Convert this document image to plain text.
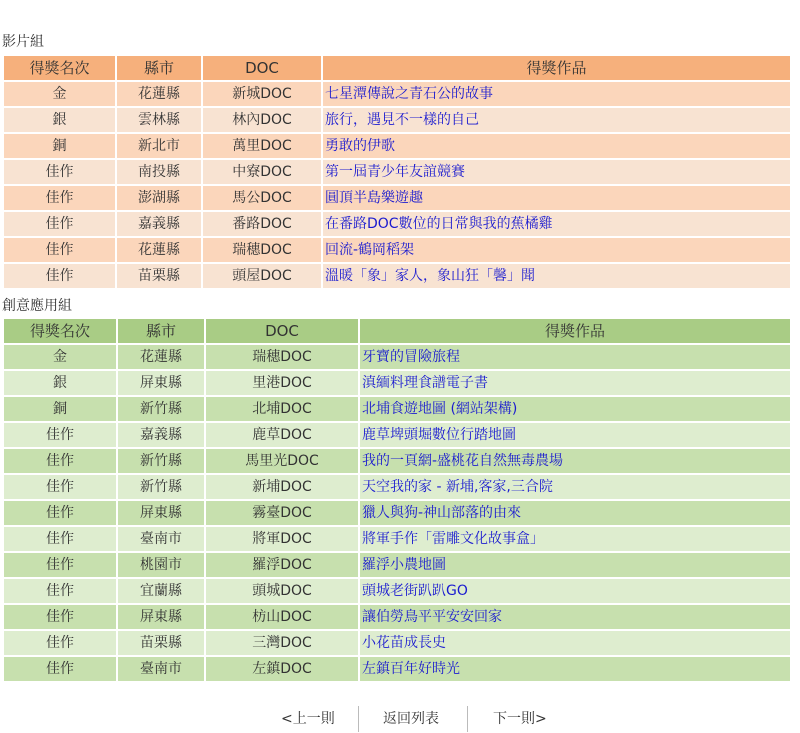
影片組
得獎名次	縣市	DOC	得獎作品
金	花蓮縣	新城DOC	七星潭傳說之青石公的故事
銀	雲林縣	林內DOC	旅行，遇見不一樣的自己
銅	新北市	萬里DOC	勇敢的伊歌
佳作	南投縣	中寮DOC	第一屆青少年友誼競賽
佳作	澎湖縣	馬公DOC	圓頂半島樂遊趣
佳作	嘉義縣	番路DOC	在番路DOC數位的日常與我的蕉橘雞
佳作	花蓮縣	瑞穗DOC	回流-鶴岡稻架
佳作	苗栗縣	頭屋DOC	溫暖「象」家人，象山狂「馨」聞
創意應用組
得獎名次	縣市	DOC	得獎作品
金	花蓮縣	瑞穗DOC	牙寶的冒險旅程
銀	屏東縣	里港DOC	滇緬料理食譜電子書
銅	新竹縣	北埔DOC	北埔食遊地圖 (網站架構)
佳作	嘉義縣	鹿草DOC	鹿草埤頭堀數位行踏地圖
佳作	新竹縣	馬里光DOC	我的一頁網-盛桃花自然無毒農場
佳作	新竹縣	新埔DOC	天空我的家 - 新埔,客家,三合院
佳作	屏東縣	霧臺DOC	獵人與狗-神山部落的由來
佳作	臺南市	將軍DOC	將軍手作「雷雕文化故事盒」
佳作	桃園市	羅浮DOC	羅浮小農地圖
佳作	宜蘭縣	頭城DOC	頭城老街趴趴GO
佳作	屏東縣	枋山DOC	讓伯勞鳥平平安安回家
佳作	苗栗縣	三灣DOC	小花苗成長史
佳作	臺南市	左鎮DOC	左鎮百年好時光
<上一則	返回列表	下一則>
